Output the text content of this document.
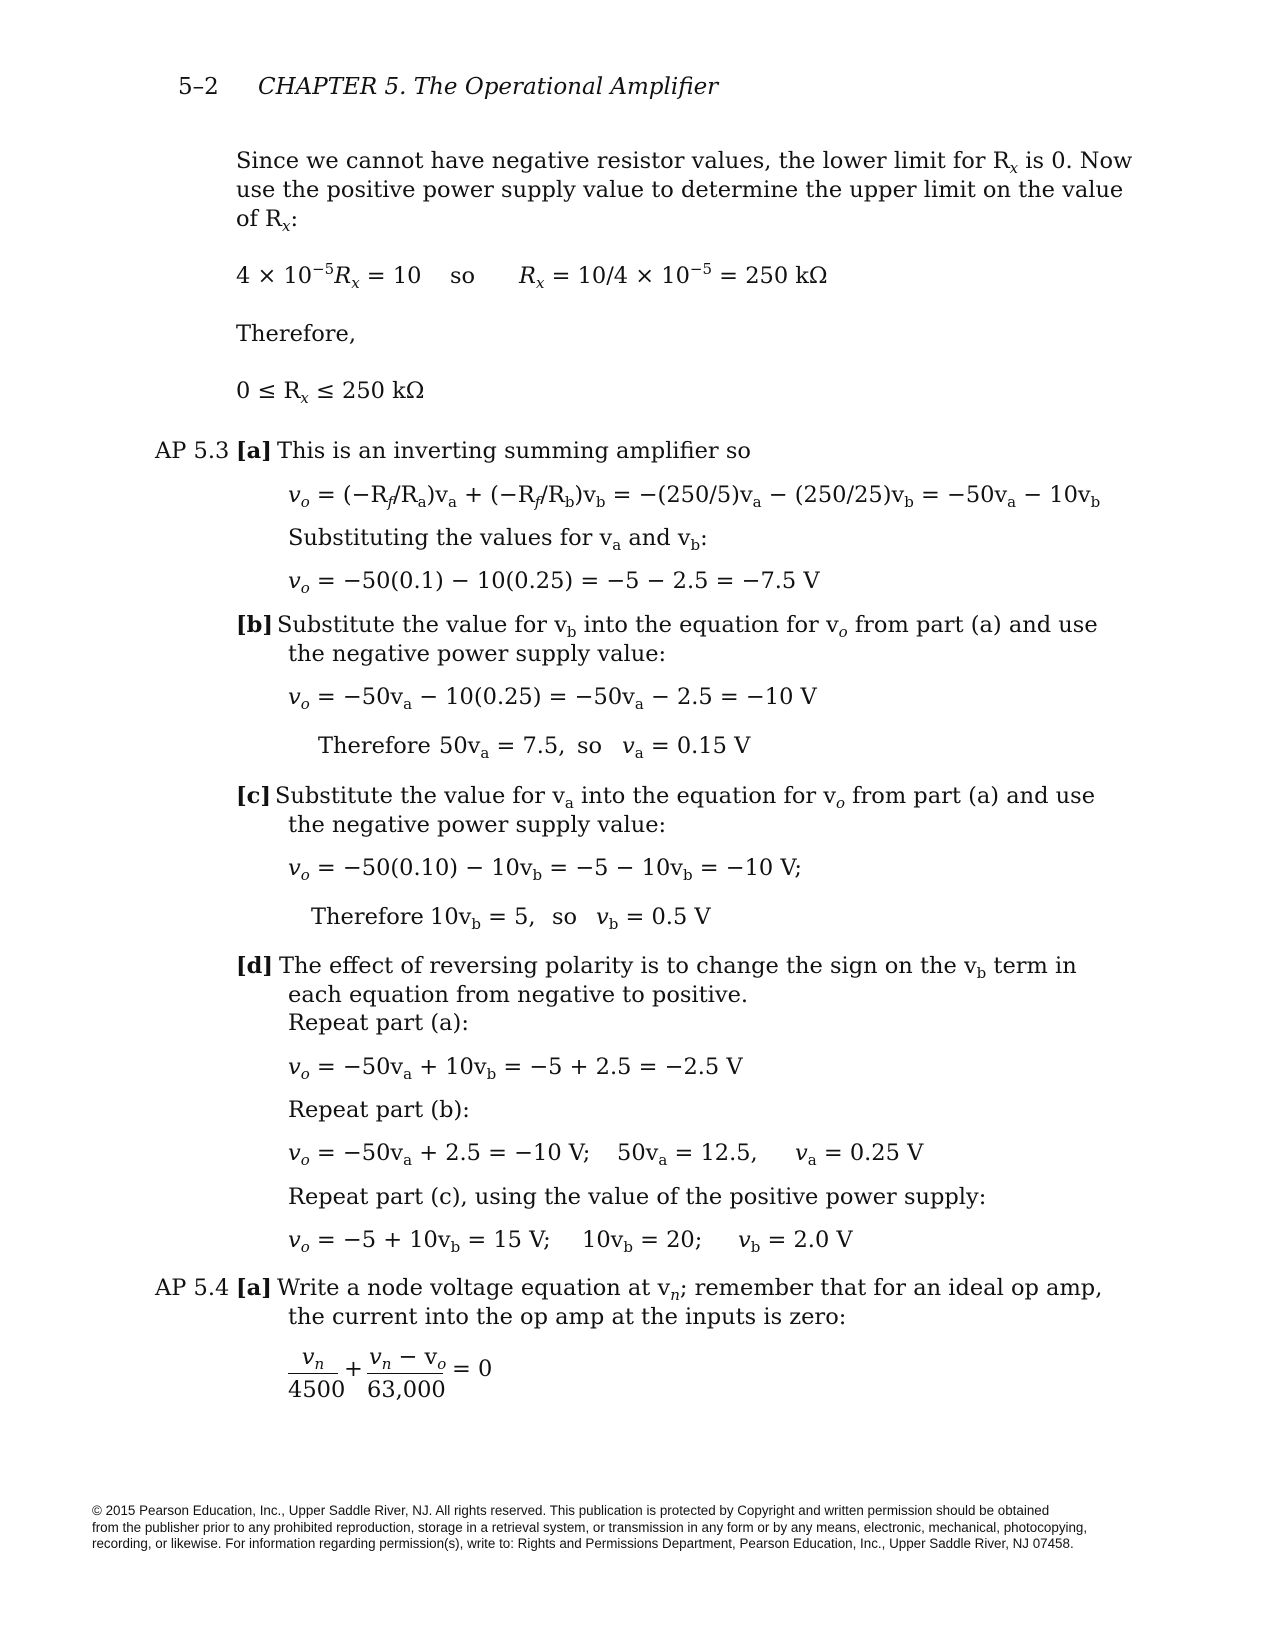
5–2 CHAPTER 5. The Operational Amplifier
Since we cannot have negative resistor values, the lower limit for $R_x$ is 0. Now
use the positive power supply value to determine the upper limit on the value
of $R_x$:
$4 \times 10^{-5}R_x = 10$ so $R_x = 10/4 \times 10^{-5} = 250$ kΩ
Therefore,
$0 \le R_x \le 250$ kΩ
AP 5.3 [a] This is an inverting summing amplifier so
$v_o = (-R_f/R_a)v_a + (-R_f/R_b)v_b = -(250/5)v_a - (250/25)v_b = -50v_a - 10v_b$
Substituting the values for $v_a$ and $v_b$:
$v_o = -50(0.1) - 10(0.25) = -5 - 2.5 = -7.5$ V
[b] Substitute the value for $v_b$ into the equation for $v_o$ from part (a) and use
the negative power supply value:
$v_o = -50v_a - 10(0.25) = -50v_a - 2.5 = -10$ V
Therefore $50v_a = 7.5$, so $v_a = 0.15$ V
[c] Substitute the value for $v_a$ into the equation for $v_o$ from part (a) and use
the negative power supply value:
$v_o = -50(0.10) - 10v_b = -5 - 10v_b = -10$ V;
Therefore $10v_b = 5$, so $v_b = 0.5$ V
[d] The effect of reversing polarity is to change the sign on the $v_b$ term in
each equation from negative to positive.
Repeat part (a):
$v_o = -50v_a + 10v_b = -5 + 2.5 = -2.5$ V
Repeat part (b):
$v_o = -50v_a + 2.5 = -10$ V; $50v_a = 12.5$, $v_a = 0.25$ V
Repeat part (c), using the value of the positive power supply:
$v_o = -5 + 10v_b = 15$ V; $10v_b = 20$; $v_b = 2.0$ V
AP 5.4 [a] Write a node voltage equation at $v_n$; remember that for an ideal op amp,
the current into the op amp at the inputs is zero:
$v_n$
4500
+ $v_n - v_o$
63,000
= 0
© 2015 Pearson Education, Inc., Upper Saddle River, NJ. All rights reserved. This publication is protected by Copyright and written permission should be obtained
from the publisher prior to any prohibited reproduction, storage in a retrieval system, or transmission in any form or by any means, electronic, mechanical, photocopying,
recording, or likewise. For information regarding permission(s), write to: Rights and Permissions Department, Pearson Education, Inc., Upper Saddle River, NJ 07458.
